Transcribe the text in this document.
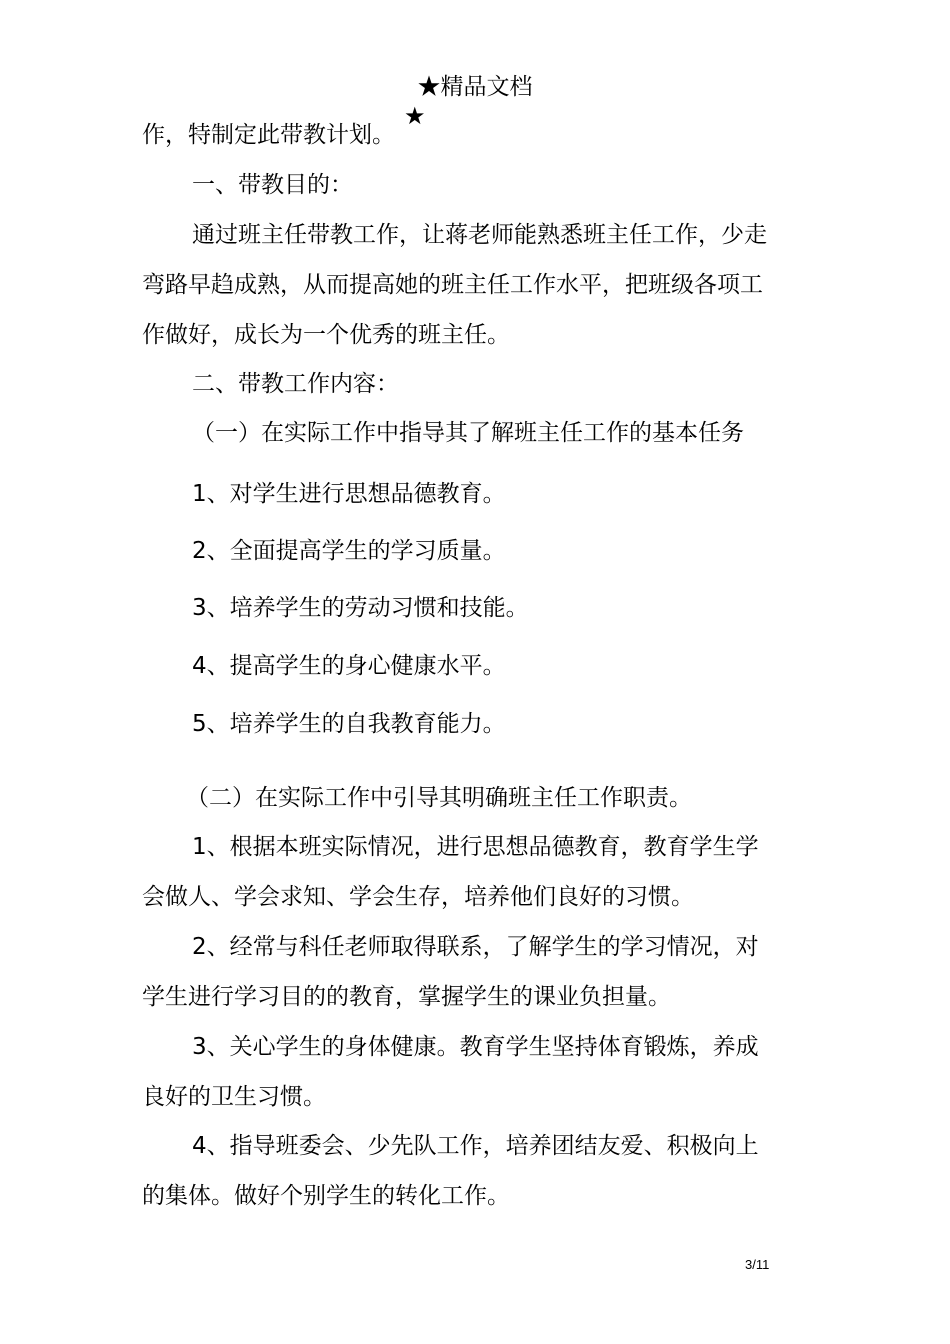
★精品文档
★
作，特制定此带教计划。
一、带教目的：
通过班主任带教工作，让蒋老师能熟悉班主任工作，少走
弯路早趋成熟，从而提高她的班主任工作水平，把班级各项工
作做好，成长为一个优秀的班主任。
二、带教工作内容：
（一）在实际工作中指导其了解班主任工作的基本任务
1、对学生进行思想品德教育。
2、全面提高学生的学习质量。
3、培养学生的劳动习惯和技能。
4、提高学生的身心健康水平。
5、培养学生的自我教育能力。
（二）在实际工作中引导其明确班主任工作职责。
1、根据本班实际情况，进行思想品德教育，教育学生学
会做人、学会求知、学会生存，培养他们良好的习惯。
2、经常与科任老师取得联系，了解学生的学习情况，对
学生进行学习目的的教育，掌握学生的课业负担量。
3、关心学生的身体健康。教育学生坚持体育锻炼，养成
良好的卫生习惯。
4、指导班委会、少先队工作，培养团结友爱、积极向上
的集体。做好个别学生的转化工作。
3/11
